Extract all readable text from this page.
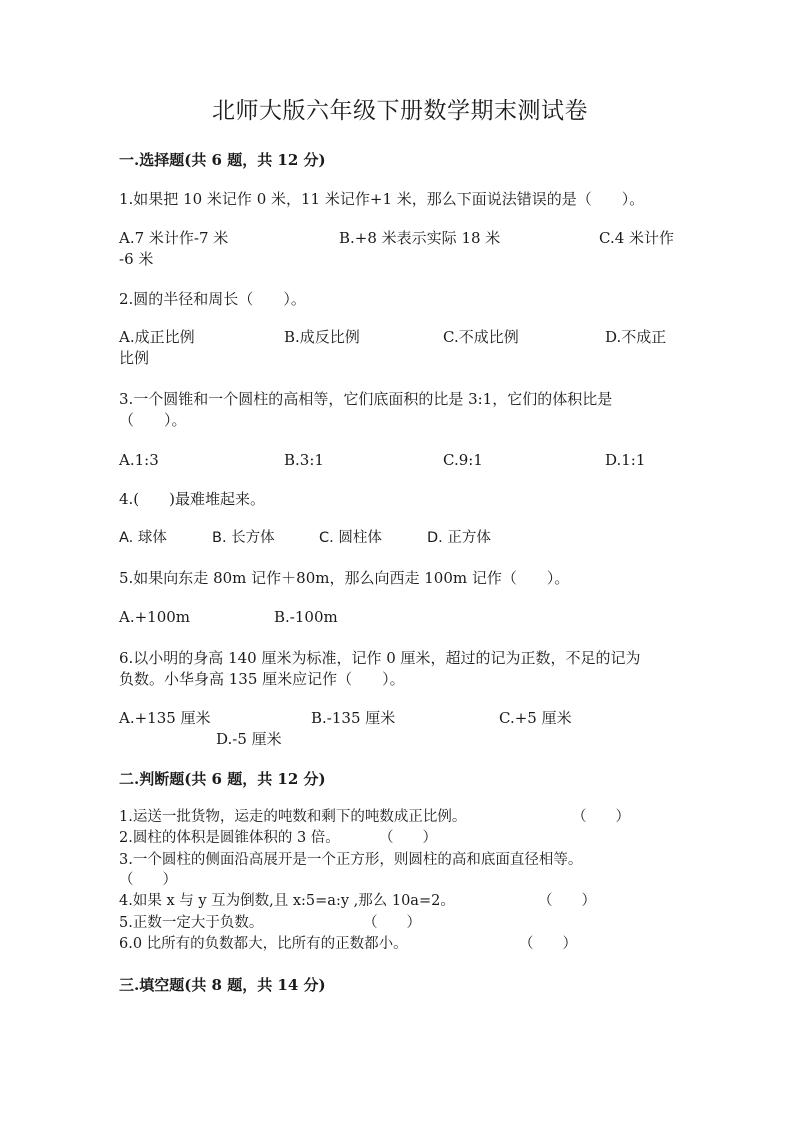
北师大版六年级下册数学期末测试卷
一.选择题(共 6 题，共 12 分)
1.如果把 10 米记作 0 米，11 米记作+1 米，那么下面说法错误的是（　　）。
A.7 米计作-7 米	B.+8 米表示实际 18 米	C.4 米计作
-6 米
2.圆的半径和周长（　　）。
A.成正比例	B.成反比例	C.不成比例	D.不成正
比例
3.一个圆锥和一个圆柱的高相等，它们底面积的比是 3:1，它们的体积比是
（　　）。
A.1:3	B.3:1	C.9:1	D.1:1
4.(　　)最难堆起来。
A. 球体	B. 长方体	C. 圆柱体	D. 正方体
5.如果向东走 80m 记作＋80m，那么向西走 100m 记作（　　）。
A.+100m	B.-100m
6.以小明的身高 140 厘米为标准，记作 0 厘米，超过的记为正数，不足的记为
负数。小华身高 135 厘米应记作（　　）。
A.+135 厘米	B.-135 厘米	C.+5 厘米
D.-5 厘米
二.判断题(共 6 题，共 12 分)
1.运送一批货物，运走的吨数和剩下的吨数成正比例。	（　　）
2.圆柱的体积是圆锥体积的 3 倍。	（　　）
3.一个圆柱的侧面沿高展开是一个正方形，则圆柱的高和底面直径相等。
（　　）
4.如果 x 与 y 互为倒数,且 x:5=a:y ,那么 10a=2。	（　　）
5.正数一定大于负数。	（　　）
6.0 比所有的负数都大，比所有的正数都小。	（　　）
三.填空题(共 8 题，共 14 分)
